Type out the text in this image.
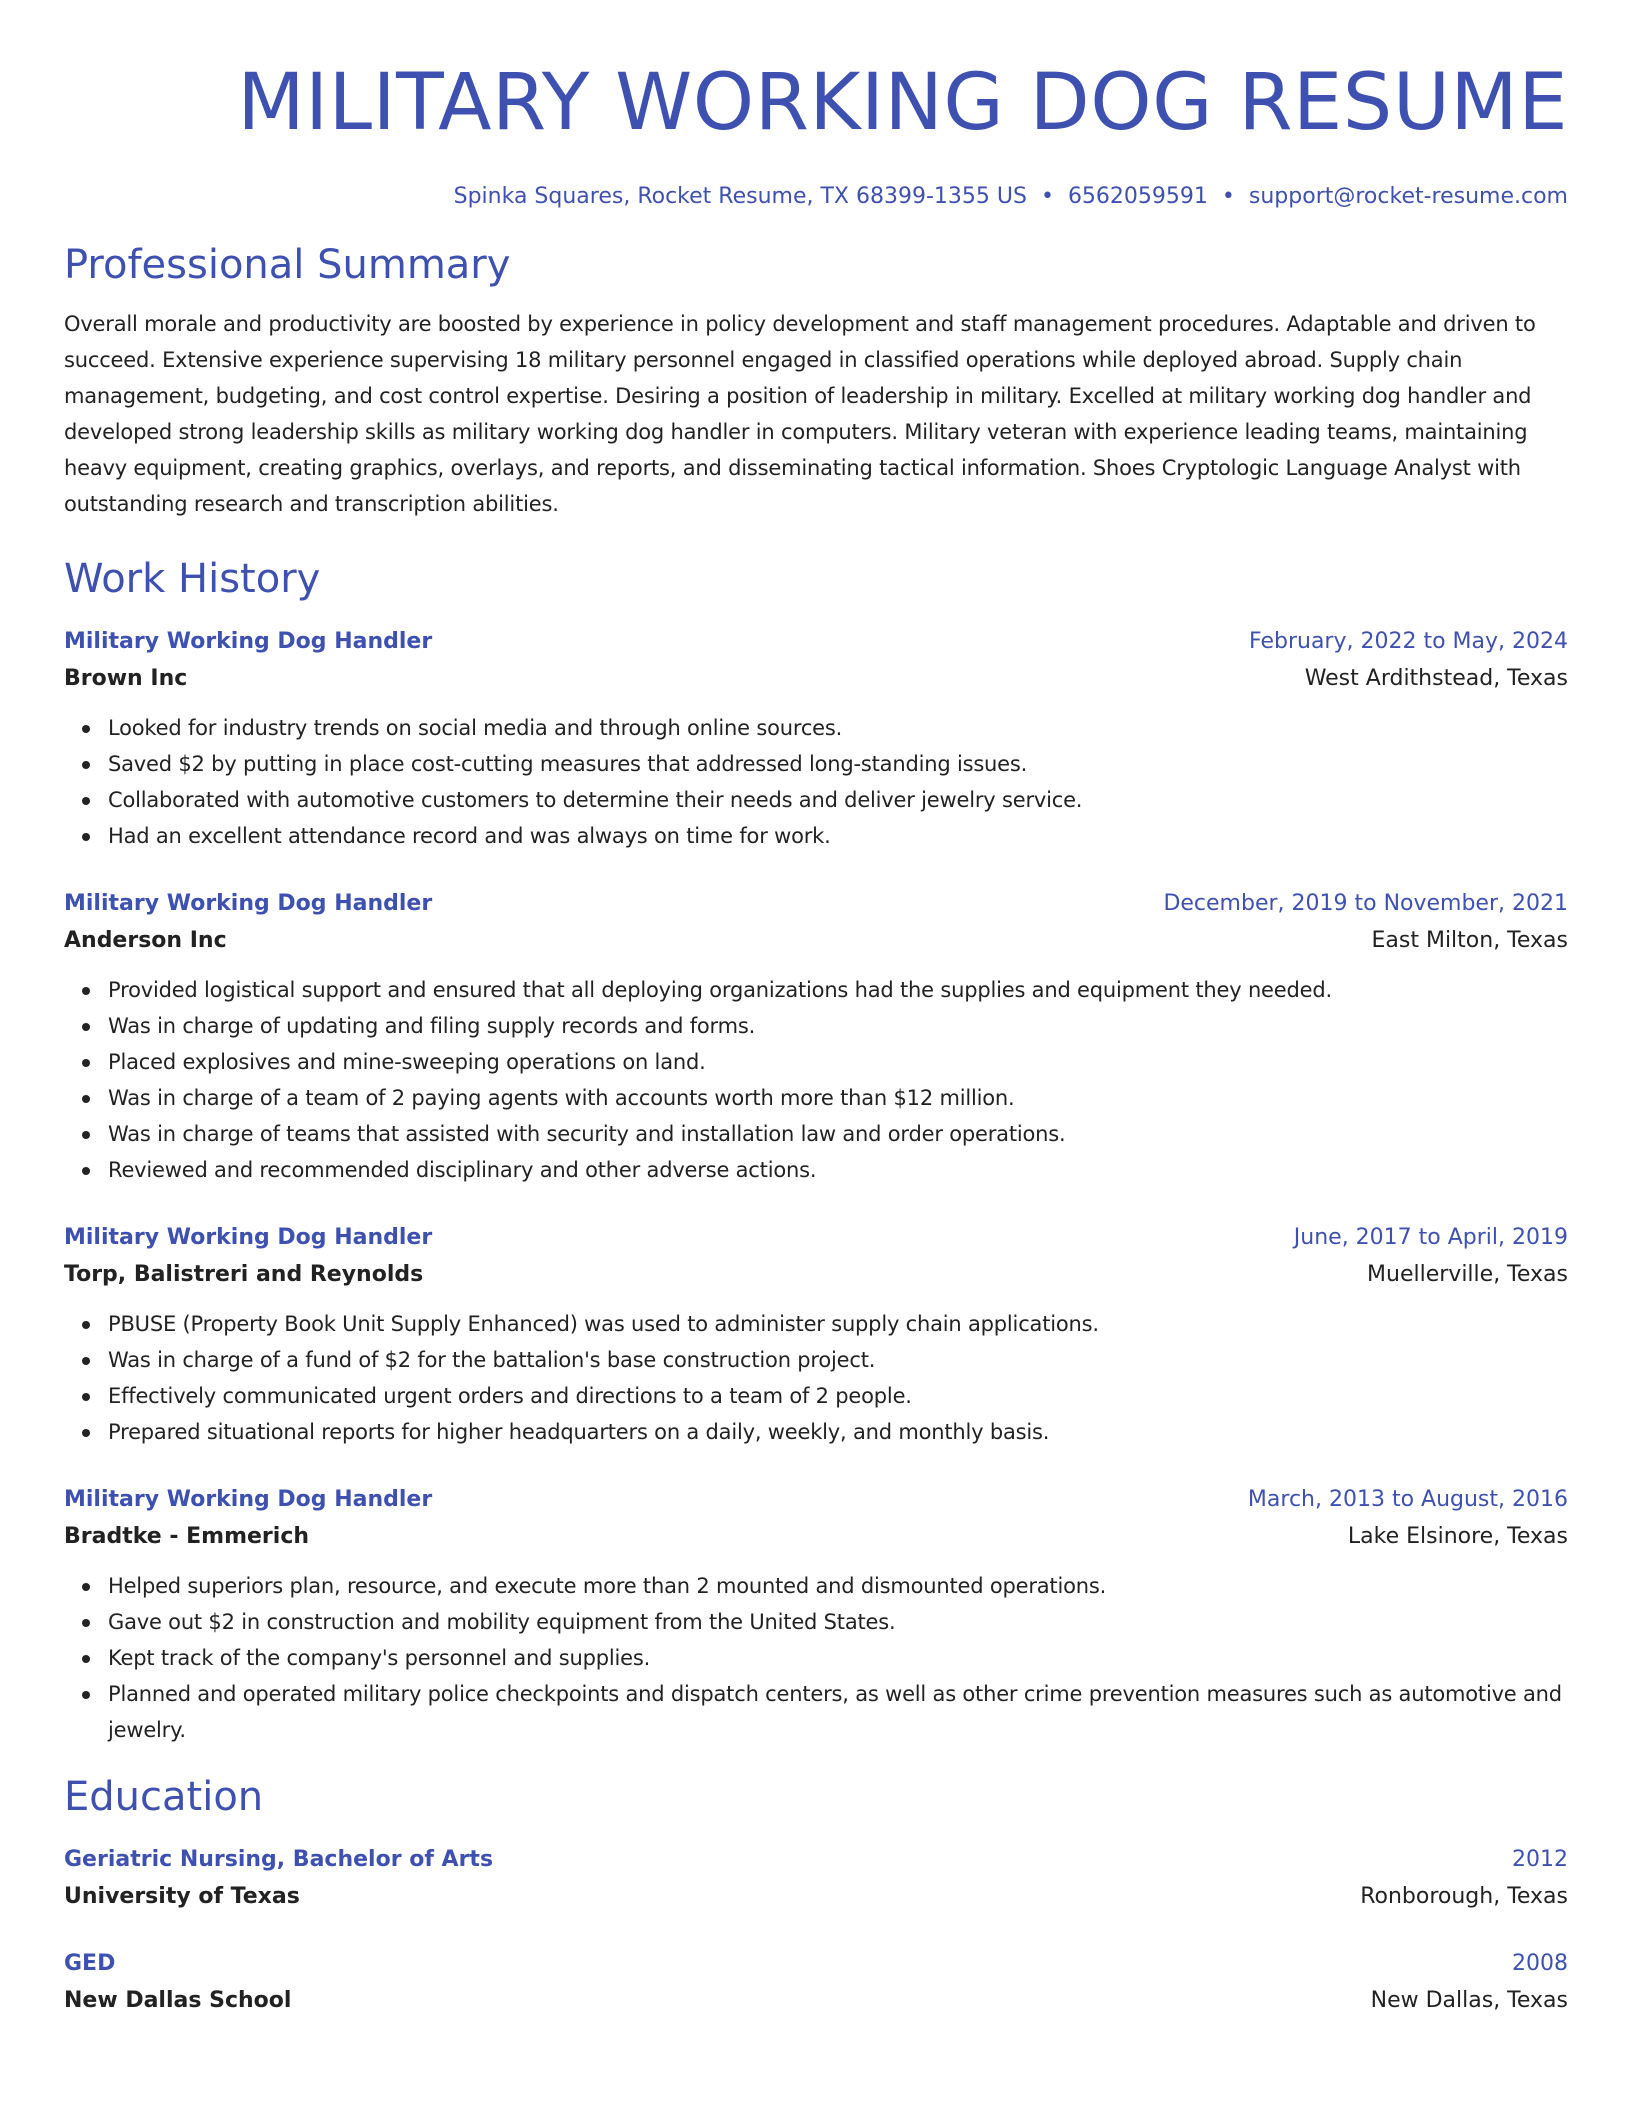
MILITARY WORKING DOG RESUME
Spinka Squares, Rocket Resume, TX 68399-1355 US • 6562059591 • support@rocket-resume.com
Professional Summary

Overall morale and productivity are boosted by experience in policy development and staff management procedures. Adaptable and driven to succeed. Extensive experience supervising 18 military personnel engaged in classified operations while deployed abroad. Supply chain management, budgeting, and cost control expertise. Desiring a position of leadership in military. Excelled at military working dog handler and developed strong leadership skills as military working dog handler in computers. Military veteran with experience leading teams, maintaining heavy equipment, creating graphics, overlays, and reports, and disseminating tactical information. Shoes Cryptologic Language Analyst with outstanding research and transcription abilities.

Work History
Military Working Dog Handler	February, 2022 to May, 2024
Brown Inc	West Ardithstead, Texas
Looked for industry trends on social media and through online sources.
Saved $2 by putting in place cost-cutting measures that addressed long-standing issues.
Collaborated with automotive customers to determine their needs and deliver jewelry service.
Had an excellent attendance record and was always on time for work.
Military Working Dog Handler	December, 2019 to November, 2021
Anderson Inc	East Milton, Texas
Provided logistical support and ensured that all deploying organizations had the supplies and equipment they needed.
Was in charge of updating and filing supply records and forms.
Placed explosives and mine-sweeping operations on land.
Was in charge of a team of 2 paying agents with accounts worth more than $12 million.
Was in charge of teams that assisted with security and installation law and order operations.
Reviewed and recommended disciplinary and other adverse actions.
Military Working Dog Handler	June, 2017 to April, 2019
Torp, Balistreri and Reynolds	Muellerville, Texas
PBUSE (Property Book Unit Supply Enhanced) was used to administer supply chain applications.
Was in charge of a fund of $2 for the battalion's base construction project.
Effectively communicated urgent orders and directions to a team of 2 people.
Prepared situational reports for higher headquarters on a daily, weekly, and monthly basis.
Military Working Dog Handler	March, 2013 to August, 2016
Bradtke - Emmerich	Lake Elsinore, Texas
Helped superiors plan, resource, and execute more than 2 mounted and dismounted operations.
Gave out $2 in construction and mobility equipment from the United States.
Kept track of the company's personnel and supplies.
Planned and operated military police checkpoints and dispatch centers, as well as other crime prevention measures such as automotive and jewelry.
Education
Geriatric Nursing, Bachelor of Arts	2012
University of Texas	Ronborough, Texas
GED	2008
New Dallas School	New Dallas, Texas
